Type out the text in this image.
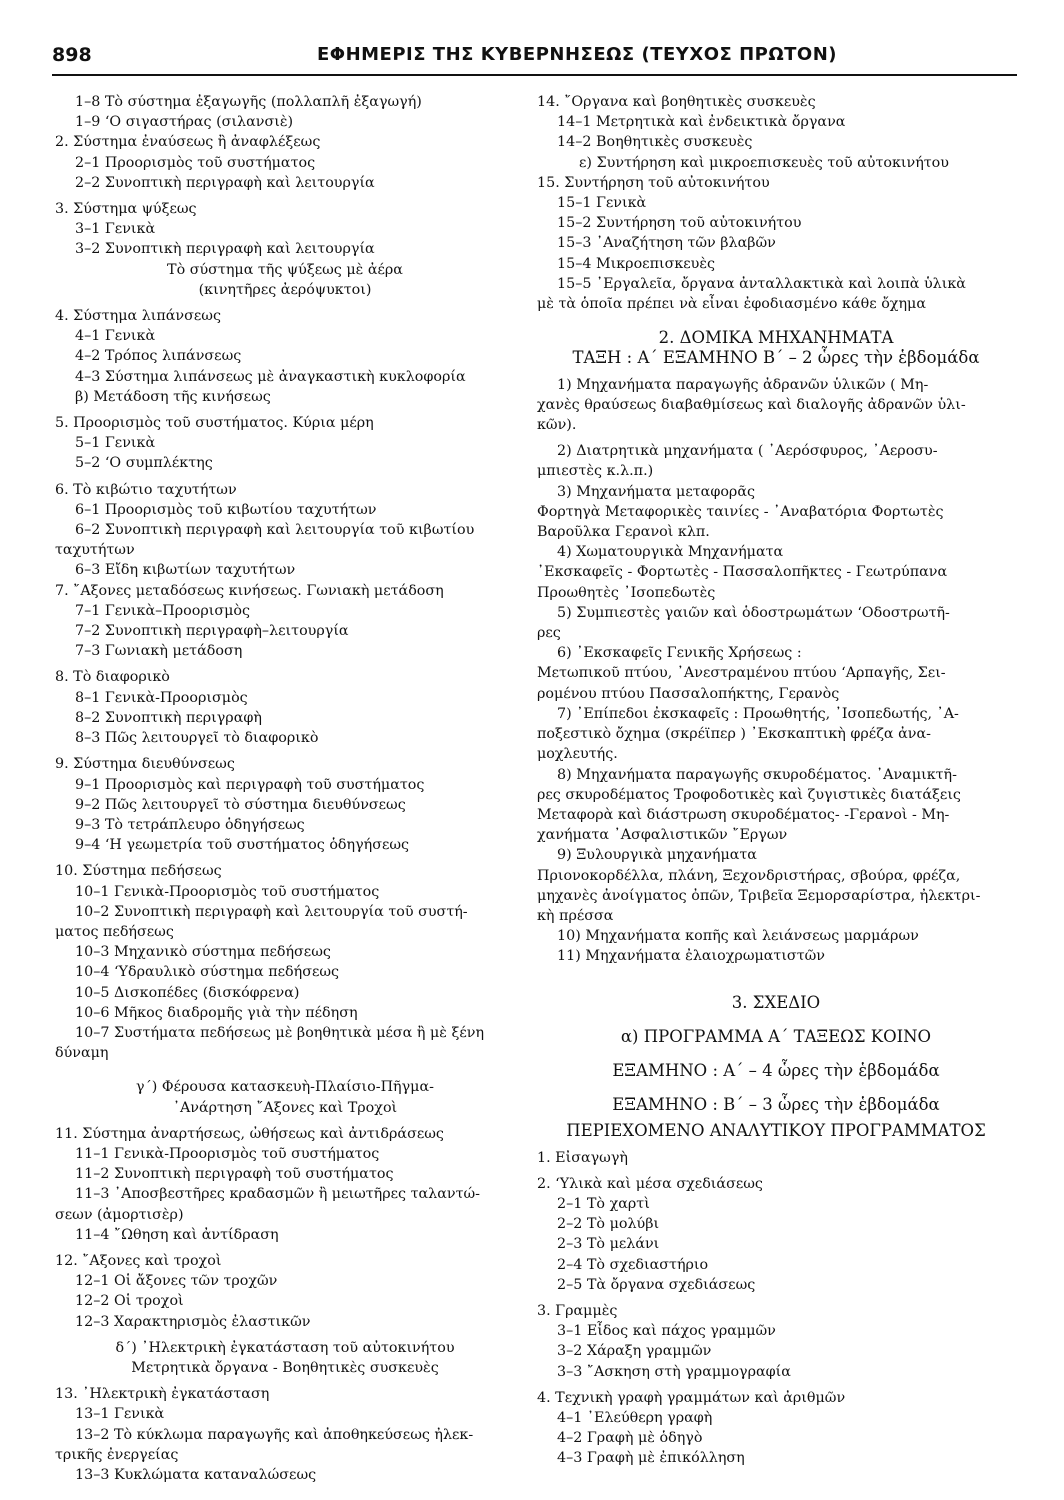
898	ΕΦΗΜΕΡΙΣ ΤΗΣ ΚΥΒΕΡΝΗΣΕΩΣ (ΤΕΥΧΟΣ ΠΡΩΤΟΝ)
1–8 Τὸ σύστημα ἐξαγωγῆς (πολλαπλῆ ἐξαγωγή)
1–9 ‘Ο σιγαστήρας (σιλανσιὲ)
2. Σύστημα ἐναύσεως ἢ ἀναφλέξεως
2–1 Προορισμὸς τοῦ συστήματος
2–2 Συνοπτικὴ περιγραφὴ καὶ λειτουργία
3. Σύστημα ψύξεως
3–1 Γενικὰ
3–2 Συνοπτικὴ περιγραφὴ καὶ λειτουργία
Τὸ σύστημα τῆς ψύξεως μὲ ἀέρα
(κινητῆρες ἀερόψυκτοι)
4. Σύστημα λιπάνσεως
4–1 Γενικὰ
4–2 Τρόπος λιπάνσεως
4–3 Σύστημα λιπάνσεως μὲ ἀναγκαστικὴ κυκλοφορία
β) Μετάδοση τῆς κινήσεως
5. Προορισμὸς τοῦ συστήματος. Κύρια μέρη
5–1 Γενικὰ
5–2 ‘Ο συμπλέκτης
6. Τὸ κιβώτιο ταχυτήτων
6–1 Προορισμὸς τοῦ κιβωτίου ταχυτήτων
6–2 Συνοπτικὴ περιγραφὴ καὶ λειτουργία τοῦ κιβωτίου
ταχυτήτων
6–3 Εἴδη κιβωτίων ταχυτήτων
7. ῎Αξονες μεταδόσεως κινήσεως. Γωνιακὴ μετάδοση
7–1 Γενικὰ–Προορισμὸς
7–2 Συνοπτικὴ περιγραφὴ–λειτουργία
7–3 Γωνιακὴ μετάδοση
8. Τὸ διαφορικὸ
8–1 Γενικὰ-Προορισμὸς
8–2 Συνοπτικὴ περιγραφὴ
8–3 Πῶς λειτουργεῖ τὸ διαφορικὸ
9. Σύστημα διευθύνσεως
9–1 Προορισμὸς καὶ περιγραφὴ τοῦ συστήματος
9–2 Πῶς λειτουργεῖ τὸ σύστημα διευθύνσεως
9–3 Τὸ τετράπλευρο ὁδηγήσεως
9–4 ‘Η γεωμετρία τοῦ συστήματος ὁδηγήσεως
10. Σύστημα πεδήσεως
10–1 Γενικὰ-Προορισμὸς τοῦ συστήματος
10–2 Συνοπτικὴ περιγραφὴ καὶ λειτουργία τοῦ συστή-
ματος πεδήσεως
10–3 Μηχανικὸ σύστημα πεδήσεως
10–4 ‘Υδραυλικὸ σύστημα πεδήσεως
10–5 Δισκοπέδες (δισκόφρενα)
10–6 Μῆκος διαδρομῆς γιὰ τὴν πέδηση
10–7 Συστήματα πεδήσεως μὲ βοηθητικὰ μέσα ἢ μὲ ξένη
δύναμη
γ΄) Φέρουσα κατασκευὴ-Πλαίσιο-Πῆγμα-
᾿Ανάρτηση ῎Αξονες καὶ Τροχοὶ
11. Σύστημα ἀναρτήσεως, ὠθήσεως καὶ ἀντιδράσεως
11–1 Γενικὰ-Προορισμὸς τοῦ συστήματος
11–2 Συνοπτικὴ περιγραφὴ τοῦ συστήματος
11–3 ᾿Αποσβεστῆρες κραδασμῶν ἢ μειωτῆρες ταλαντώ-
σεων (ἀμορτισὲρ)
11–4 ῎Ωθηση καὶ ἀντίδραση
12. ῎Αξονες καὶ τροχοὶ
12–1 Οἱ ἄξονες τῶν τροχῶν
12–2 Οἱ τροχοὶ
12–3 Χαρακτηρισμὸς ἐλαστικῶν
δ΄) ᾿Ηλεκτρικὴ ἐγκατάσταση τοῦ αὐτοκινήτου
Μετρητικὰ ὄργανα - Βοηθητικὲς συσκευὲς
13. ᾿Ηλεκτρικὴ ἐγκατάσταση
13–1 Γενικὰ
13–2 Τὸ κύκλωμα παραγωγῆς καὶ ἀποθηκεύσεως ἠλεκ-
τρικῆς ἐνεργείας
13–3 Κυκλώματα καταναλώσεως
14. ῎Οργανα καὶ βοηθητικὲς συσκευὲς
14–1 Μετρητικὰ καὶ ἐνδεικτικὰ ὄργανα
14–2 Βοηθητικὲς συσκευὲς
ε) Συντήρηση καὶ μικροεπισκευὲς τοῦ αὐτοκινήτου
15. Συντήρηση τοῦ αὐτοκινήτου
15–1 Γενικὰ
15–2 Συντήρηση τοῦ αὐτοκινήτου
15–3 ᾿Αναζήτηση τῶν βλαβῶν
15–4 Μικροεπισκευὲς
15–5 ᾿Εργαλεῖα, ὄργανα ἀνταλλακτικὰ καὶ λοιπὰ ὑλικὰ
μὲ τὰ ὁποῖα πρέπει νὰ εἶναι ἐφοδιασμένο κάθε ὄχημα
2. ΔΟΜΙΚΑ ΜΗΧΑΝΗΜΑΤΑ
ΤΑΞΗ : Α΄ ΕΞΑΜΗΝΟ Β΄ – 2 ὧρες τὴν ἑβδομάδα
1) Μηχανήματα παραγωγῆς ἀδρανῶν ὑλικῶν ( Μη-
χανὲς θραύσεως διαβαθμίσεως καὶ διαλογῆς ἀδρανῶν ὑλι-
κῶν).
2) Διατρητικὰ μηχανήματα ( ᾿Αερόσφυρος, ᾿Αεροσυ-
μπιεστὲς κ.λ.π.)
3) Μηχανήματα μεταφορᾶς
Φορτηγὰ Μεταφορικὲς ταινίες - ᾿Αναβατόρια Φορτωτὲς
Βαροῦλκα Γερανοὶ κλπ.
4) Χωματουργικὰ Μηχανήματα
᾿Εκσκαφεῖς - Φορτωτὲς - Πασσαλοπῆκτες - Γεωτρύπανα
Προωθητὲς ᾿Ισοπεδωτὲς
5) Συμπιεστὲς γαιῶν καὶ ὁδοστρωμάτων ‘Οδοστρωτῆ-
ρες
6) ᾿Εκσκαφεῖς Γενικῆς Χρήσεως :
Μετωπικοῦ πτύου, ᾿Ανεστραμένου πτύου ‘Αρπαγῆς, Σει-
ρομένου πτύου Πασσαλοπήκτης, Γερανὸς
7) ᾿Επίπεδοι ἐκσκαφεῖς : Προωθητής, ᾿Ισοπεδωτής, ᾿Α-
ποξεστικὸ ὄχημα (σκρέϊπερ ) ᾿Εκσκαπτικὴ φρέζα ἀνα-
μοχλευτής.
8) Μηχανήματα παραγωγῆς σκυροδέματος. ᾿Αναμικτῆ-
ρες σκυροδέματος Τροφοδοτικὲς καὶ ζυγιστικὲς διατάξεις
Μεταφορὰ καὶ διάστρωση σκυροδέματος- -Γερανοὶ - Μη-
χανήματα ᾿Ασφαλιστικῶν ῎Εργων
9) Ξυλουργικὰ μηχανήματα
Πριονοκορδέλλα, πλάνη, Ξεχονδριστήρας, σβούρα, φρέζα,
μηχανὲς ἀνοίγματος ὀπῶν, Τριβεῖα Ξεμορσαρίστρα, ἠλεκτρι-
κὴ πρέσσα
10) Μηχανήματα κοπῆς καὶ λειάνσεως μαρμάρων
11) Μηχανήματα ἐλαιοχρωματιστῶν
3. ΣΧΕΔΙΟ
α) ΠΡΟΓΡΑΜΜΑ Α΄ ΤΑΞΕΩΣ ΚΟΙΝΟ
ΕΞΑΜΗΝΟ : Α΄ – 4 ὧρες τὴν ἑβδομάδα
ΕΞΑΜΗΝΟ : Β΄ – 3 ὧρες τὴν ἑβδομάδα
ΠΕΡΙΕΧΟΜΕΝΟ ΑΝΑΛΥΤΙΚΟΥ ΠΡΟΓΡΑΜΜΑΤΟΣ
1. Εἰσαγωγὴ
2. ‘Υλικὰ καὶ μέσα σχεδιάσεως
2–1 Τὸ χαρτὶ
2–2 Τὸ μολύβι
2–3 Τὸ μελάνι
2–4 Τὸ σχεδιαστήριο
2–5 Τὰ ὄργανα σχεδιάσεως
3. Γραμμὲς
3–1 Εἶδος καὶ πάχος γραμμῶν
3–2 Χάραξη γραμμῶν
3–3 ῎Ασκηση στὴ γραμμογραφία
4. Τεχνικὴ γραφὴ γραμμάτων καὶ ἀριθμῶν
4–1 ᾿Ελεύθερη γραφὴ
4–2 Γραφὴ μὲ ὁδηγὸ
4–3 Γραφὴ μὲ ἐπικόλληση
